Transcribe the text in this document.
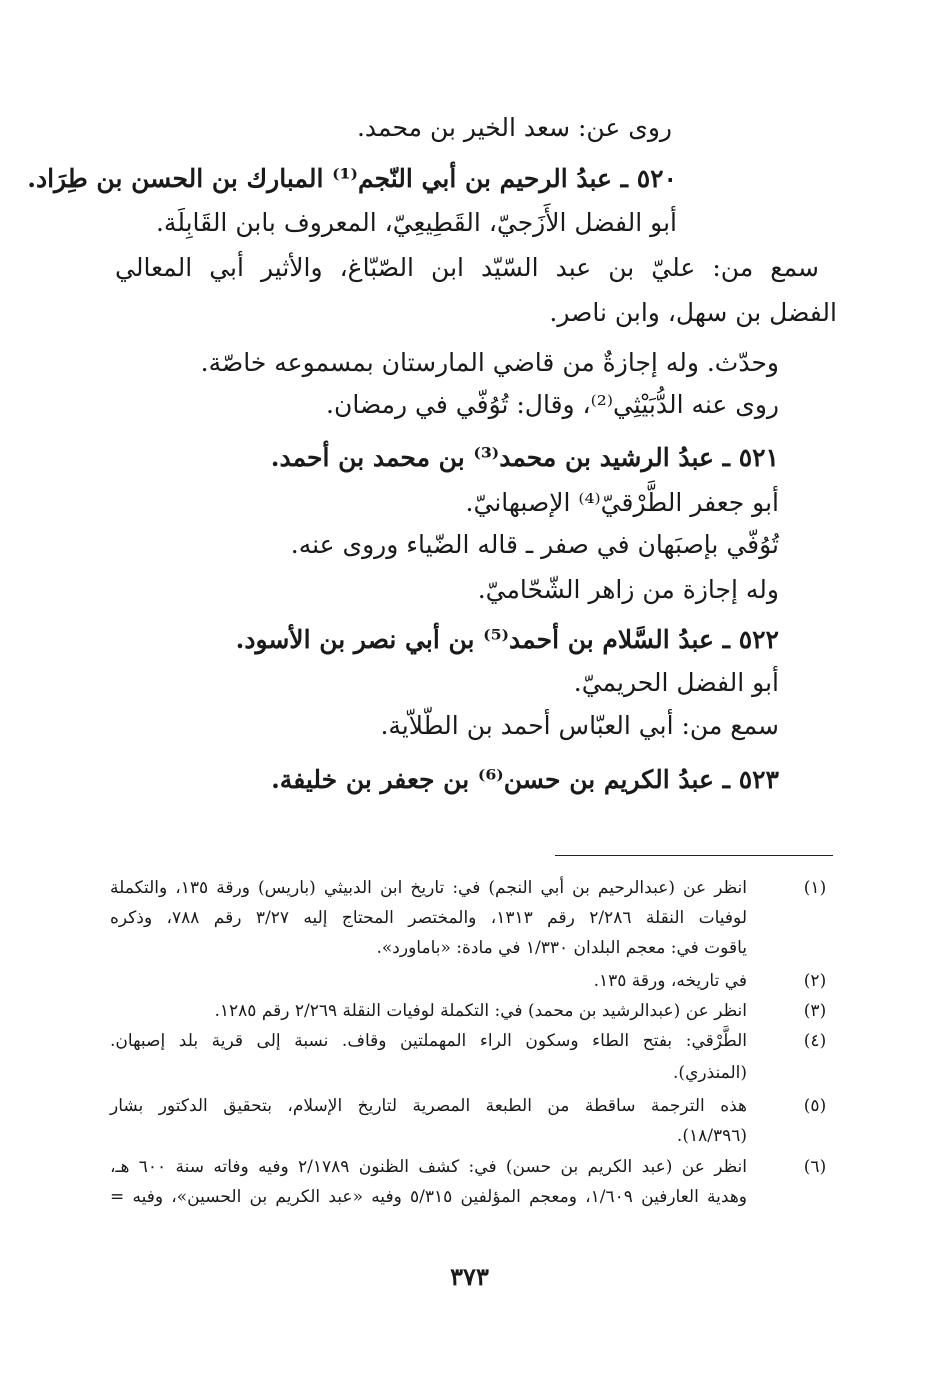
روى عن: سعد الخير بن محمد.
٥٢٠ ـ عبدُ الرحيم بن أبي النّجم⁽¹⁾ المبارك بن الحسن بن طِرَاد.
أبو الفضل الأَزَجيّ، القَطِيعِيّ، المعروف بابن القَابِلَة.
سمع من: عليّ بن عبد السّيّد ابن الصّبّاغ، والأثير أبي المعالي
الفضل بن سهل، وابن ناصر.
وحدّث. وله إجازةٌ من قاضي المارستان بمسموعه خاصّة.
روى عنه الدُّبَيْثِي⁽²⁾، وقال: تُوُفّي في رمضان.
٥٢١ ـ عبدُ الرشيد بن محمد⁽³⁾ بن محمد بن أحمد.
أبو جعفر الطَّرْقيّ⁽⁴⁾ الإصبهانيّ.
تُوُفّي بإصبَهان في صفر ـ قاله الضّياء وروى عنه.
وله إجازة من زاهر الشّحّاميّ.
٥٢٢ ـ عبدُ السَّلام بن أحمد⁽⁵⁾ بن أبي نصر بن الأسود.
أبو الفضل الحريميّ.
سمع من: أبي العبّاس أحمد بن الطّلاّية.
٥٢٣ ـ عبدُ الكريم بن حسن⁽⁶⁾ بن جعفر بن خليفة.
(١)
(٢)
(٣)
(٤)
(٥)
(٦)
انظر عن (عبدالرحيم بن أبي النجم) في: تاريخ ابن الدبيثي (باريس) ورقة ١٣٥، والتكملة
لوفيات النقلة ٢/٢٨٦ رقم ١٣١٣، والمختصر المحتاج إليه ٣/٢٧ رقم ٧٨٨، وذكره
ياقوت في: معجم البلدان ١/٣٣٠ في مادة: «باماورد».
في تاريخه، ورقة ١٣٥.
انظر عن (عبدالرشيد بن محمد) في: التكملة لوفيات النقلة ٢/٢٦٩ رقم ١٢٨٥.
الطَّرْقي: بفتح الطاء وسكون الراء المهملتين وقاف. نسبة إلى قرية بلد إصبهان.
(المنذري).
هذه الترجمة ساقطة من الطبعة المصرية لتاريخ الإسلام، بتحقيق الدكتور بشار
(١٨/٣٩٦).
انظر عن (عبد الكريم بن حسن) في: كشف الظنون ٢/١٧٨٩ وفيه وفاته سنة ٦٠٠ هـ،
وهدية العارفين ١/٦٠٩، ومعجم المؤلفين ٥/٣١٥ وفيه «عبد الكريم بن الحسين»، وفيه =
٣٧٣
